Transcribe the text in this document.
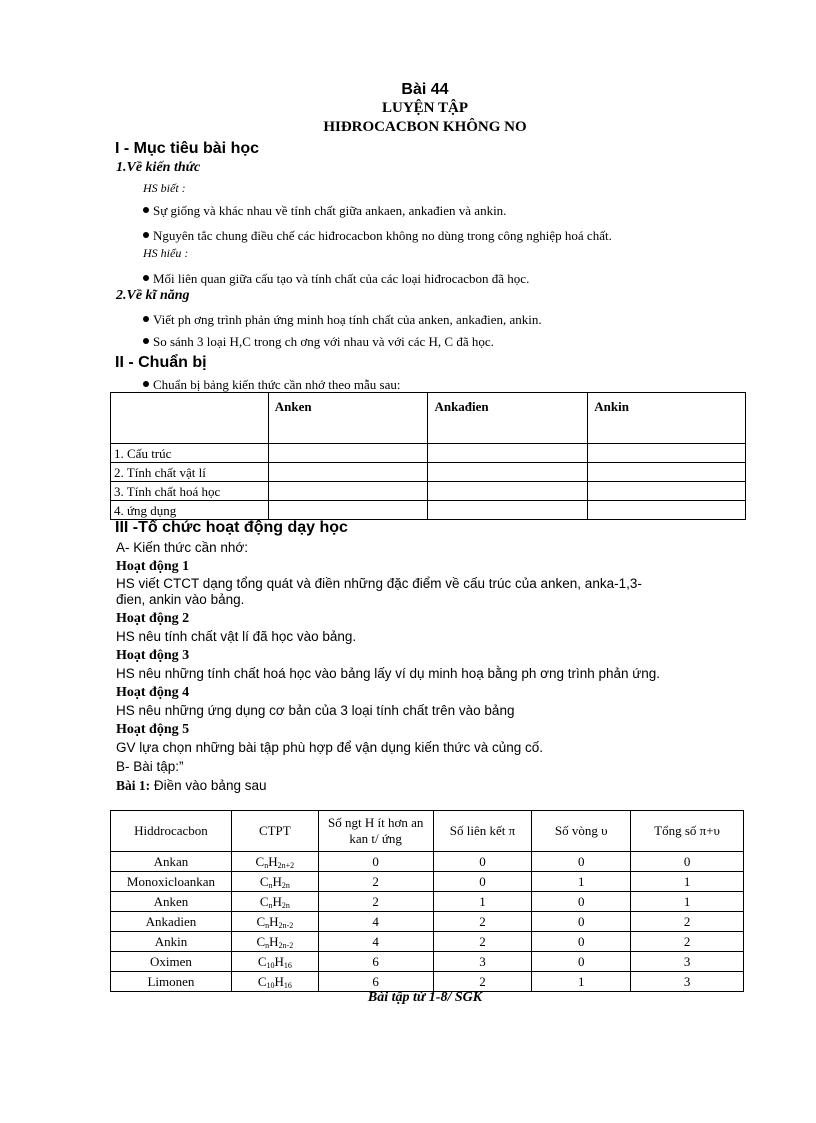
Bài 44
LUYỆN TẬP
HIĐROCACBON KHÔNG NO
I - Mục tiêu bài học
1.Về kiến thức
HS biết :
Sự giống và khác nhau về tính chất giữa ankaen, ankađien và ankin.
Nguyên tắc chung điều chế các hiđrocacbon không no dùng trong công nghiệp hoá chất.
HS hiểu :
Mối liên quan giữa cấu tạo và tính chất của các loại hiđrocacbon đã học.
2.Về kĩ năng
Viết ph ơng trình phản ứng minh hoạ tính chất của anken, ankađien, ankin.
So sánh 3 loại H,C trong ch ơng với nhau và với các H, C đã học.
II - Chuẩn bị
Chuẩn bị bảng kiến thức cần nhớ theo mẫu sau:
	Anken	Ankađien	Ankin
1. Cấu trúc			
2. Tính chất vật lí			
3. Tính chất hoá học			
4. ứng dụng			
III -Tổ chức hoạt động dạy học
A- Kiến thức cần nhớ:
Hoạt động 1
HS viết CTCT dạng tổng quát và điền những đặc điểm về cấu trúc của anken, anka-1,3-
đien, ankin vào bảng.
Hoạt động 2
HS nêu tính chất vật lí đã học vào bảng.
Hoạt động 3
HS nêu những tính chất hoá học vào bảng lấy ví dụ minh hoạ bằng ph ơng trình phản ứng.
Hoạt động 4
HS nêu những ứng dụng cơ bản của 3 loại tính chất trên vào bảng
Hoạt động 5
GV lựa chọn những bài tập phù hợp để vận dụng kiến thức và củng cố.
B- Bài tập:”
Bài 1: Điền vào bảng sau
Hiddrocacbon	CTPT	Số ngt H ít hơn an kan t/ ứng	Số liên kết π	Số vòng υ	Tổng số π+υ
Ankan	CnH2n+2	0	0	0	0
Monoxicloankan	CnH2n	2	0	1	1
Anken	CnH2n	2	1	0	1
Ankadien	CnH2n-2	4	2	0	2
Ankin	CnH2n-2	4	2	0	2
Oximen	C10H16	6	3	0	3
Limonen	C10H16	6	2	1	3
Bài tập từ 1-8/ SGK
